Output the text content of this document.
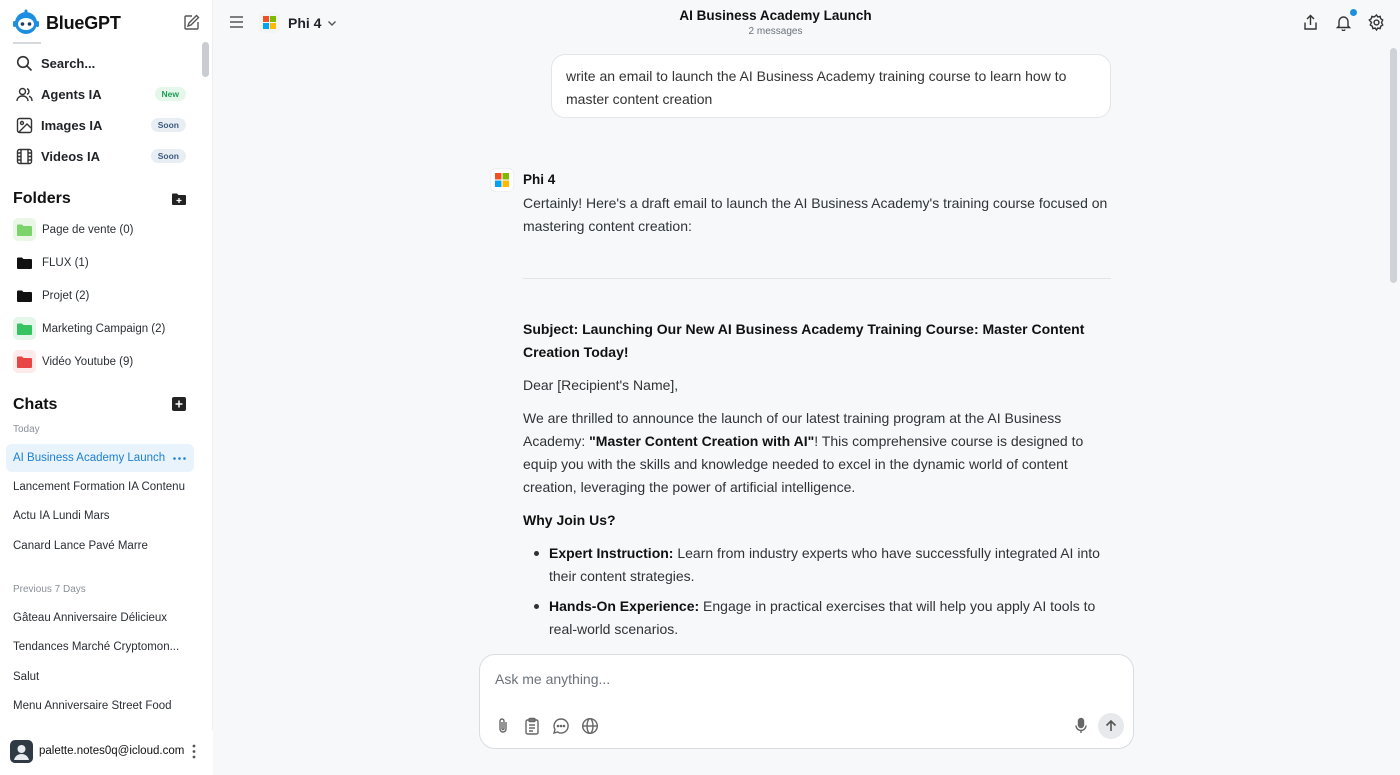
BlueGPT
Search...
Agents IA	New
Images IA	Soon
Videos IA	Soon
Folders
Page de vente (0)
FLUX (1)
Projet (2)
Marketing Campaign (2)
Vidéo Youtube (9)
Chats
Today
AI Business Academy Launch
Lancement Formation IA Contenu
Actu IA Lundi Mars
Canard Lance Pavé Marre
Previous 7 Days
Gâteau Anniversaire Délicieux
Tendances Marché Cryptomon...
Salut
Menu Anniversaire Street Food
palette.notes0q@icloud.com
Phi 4	AI Business Academy Launch
2 messages
write an email to launch the AI Business Academy training course to learn how to master content creation
Phi 4
Certainly! Here's a draft email to launch the AI Business Academy's training course focused on mastering content creation:

Subject: Launching Our New AI Business Academy Training Course: Master Content Creation Today!

Dear [Recipient's Name],

We are thrilled to announce the launch of our latest training program at the AI Business Academy: "Master Content Creation with AI"! This comprehensive course is designed to equip you with the skills and knowledge needed to excel in the dynamic world of content creation, leveraging the power of artificial intelligence.

Why Join Us?

Expert Instruction: Learn from industry experts who have successfully integrated AI into their content strategies.
Hands-On Experience: Engage in practical exercises that will help you apply AI tools to real-world scenarios.
Ask me anything...
